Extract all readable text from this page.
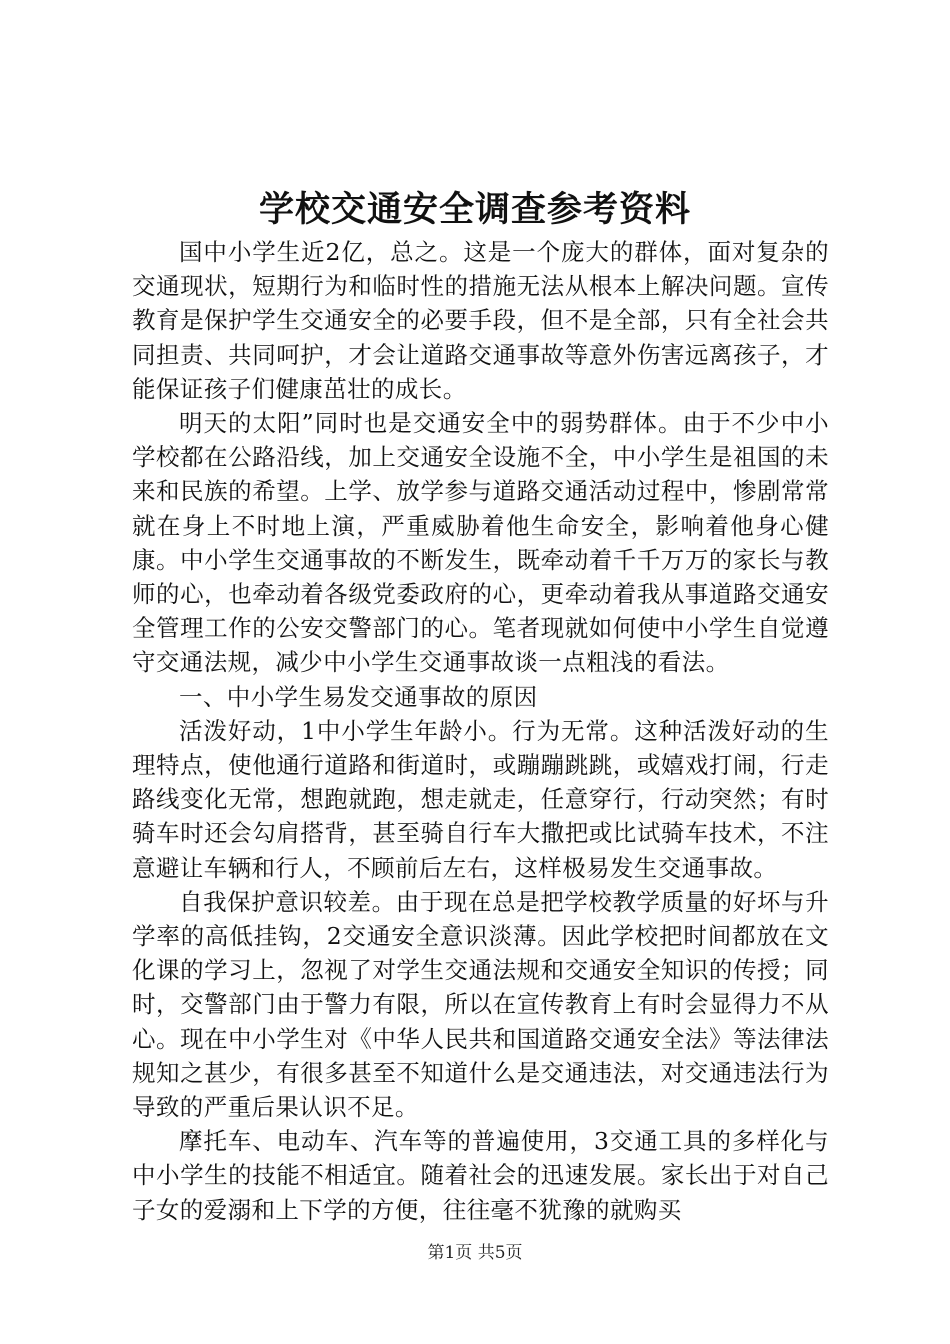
学校交通安全调查参考资料

国中小学生近2亿，总之。这是一个庞大的群体，面对复杂的交通现状，短期行为和临时性的措施无法从根本上解决问题。宣传教育是保护学生交通安全的必要手段，但不是全部，只有全社会共同担责、共同呵护，才会让道路交通事故等意外伤害远离孩子，才能保证孩子们健康茁壮的成长。

明天的太阳”同时也是交通安全中的弱势群体。由于不少中小学校都在公路沿线，加上交通安全设施不全，中小学生是祖国的未来和民族的希望。上学、放学参与道路交通活动过程中，惨剧常常就在身上不时地上演，严重威胁着他生命安全，影响着他身心健康。中小学生交通事故的不断发生，既牵动着千千万万的家长与教师的心，也牵动着各级党委政府的心，更牵动着我从事道路交通安全管理工作的公安交警部门的心。笔者现就如何使中小学生自觉遵守交通法规，减少中小学生交通事故谈一点粗浅的看法。

一、中小学生易发交通事故的原因

活泼好动，1中小学生年龄小。行为无常。这种活泼好动的生理特点，使他通行道路和街道时，或蹦蹦跳跳，或嬉戏打闹，行走路线变化无常，想跑就跑，想走就走，任意穿行，行动突然；有时骑车时还会勾肩搭背，甚至骑自行车大撒把或比试骑车技术，不注意避让车辆和行人，不顾前后左右，这样极易发生交通事故。

自我保护意识较差。由于现在总是把学校教学质量的好坏与升学率的高低挂钩，2交通安全意识淡薄。因此学校把时间都放在文化课的学习上，忽视了对学生交通法规和交通安全知识的传授；同时，交警部门由于警力有限，所以在宣传教育上有时会显得力不从心。现在中小学生对《中华人民共和国道路交通安全法》等法律法规知之甚少，有很多甚至不知道什么是交通违法，对交通违法行为导致的严重后果认识不足。

摩托车、电动车、汽车等的普遍使用，3交通工具的多样化与中小学生的技能不相适宜。随着社会的迅速发展。家长出于对自己子女的爱溺和上下学的方便，往往毫不犹豫的就购买

第1页 共5页
